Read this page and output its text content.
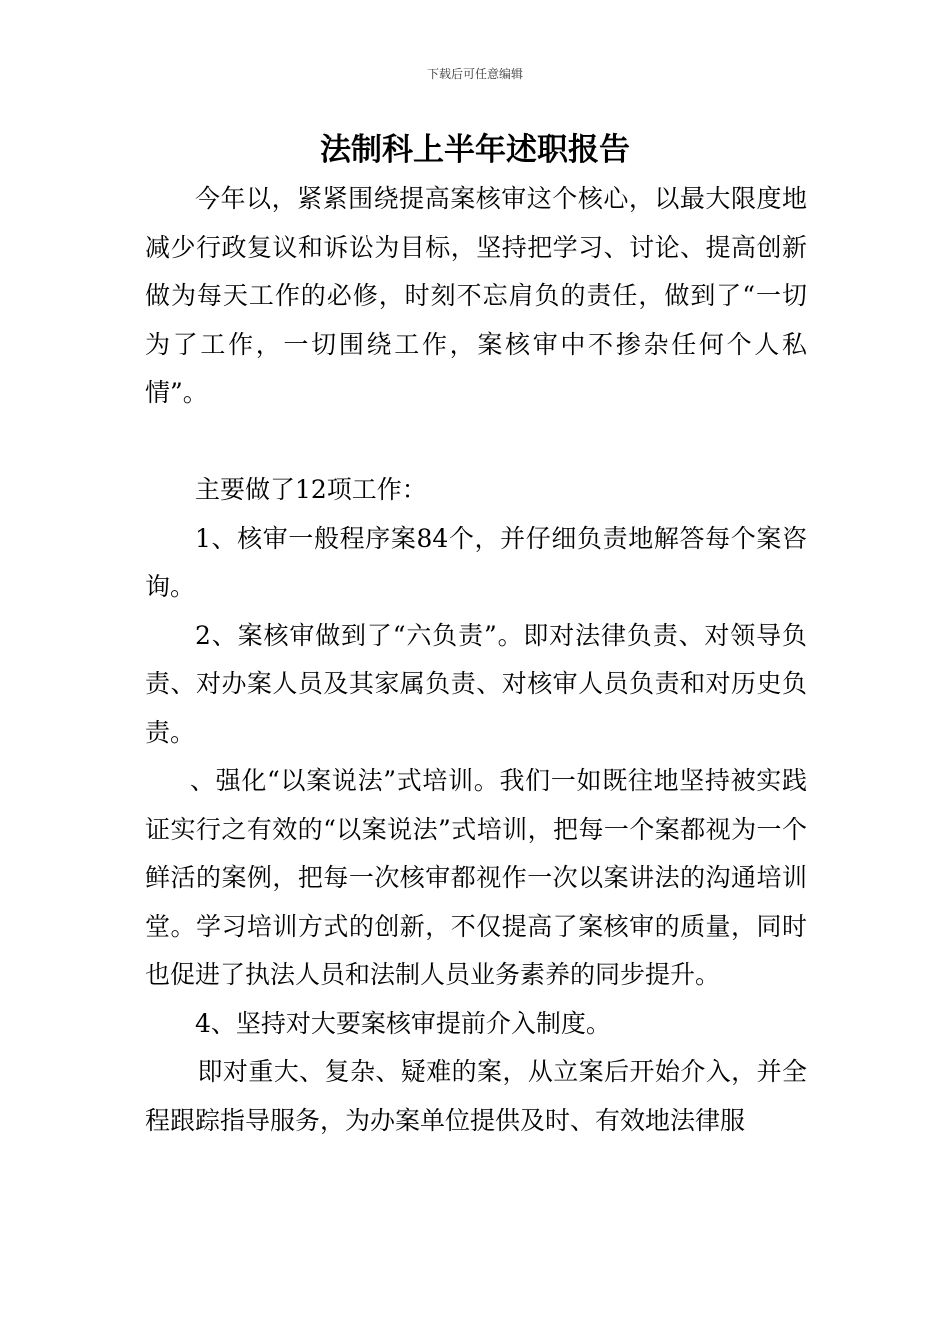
下载后可任意编辑
法制科上半年述职报告

今年以，紧紧围绕提高案核审这个核心，以最大限度地减少行政复议和诉讼为目标，坚持把学习、讨论、提高创新做为每天工作的必修，时刻不忘肩负的责任，做到了“一切为了工作，一切围绕工作，案核审中不掺杂任何个人私情”。

主要做了12项工作：

1、核审一般程序案84个，并仔细负责地解答每个案咨询。

2、案核审做到了“六负责”。即对法律负责、对领导负责、对办案人员及其家属负责、对核审人员负责和对历史负责。

、强化“以案说法”式培训。我们一如既往地坚持被实践证实行之有效的“以案说法”式培训，把每一个案都视为一个鲜活的案例，把每一次核审都视作一次以案讲法的沟通培训堂。学习培训方式的创新，不仅提高了案核审的质量，同时也促进了执法人员和法制人员业务素养的同步提升。

4、坚持对大要案核审提前介入制度。

即对重大、复杂、疑难的案，从立案后开始介入，并全程跟踪指导服务，为办案单位提供及时、有效地法律服
